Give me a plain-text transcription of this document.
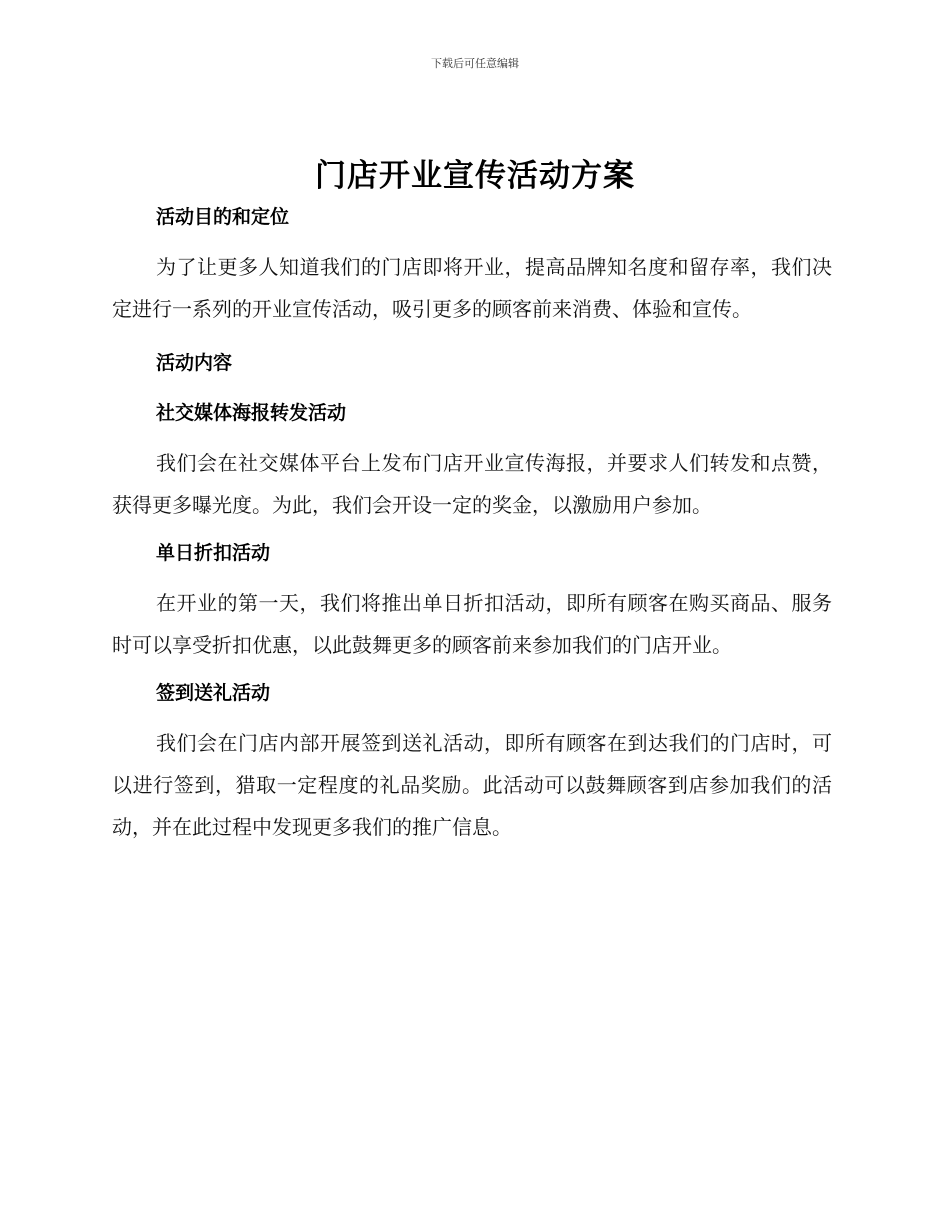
下载后可任意编辑
门店开业宣传活动方案
活动目的和定位

为了让更多人知道我们的门店即将开业，提高品牌知名度和留存率，我们决定进行一系列的开业宣传活动，吸引更多的顾客前来消费、体验和宣传。

活动内容
社交媒体海报转发活动

我们会在社交媒体平台上发布门店开业宣传海报，并要求人们转发和点赞，获得更多曝光度。为此，我们会开设一定的奖金，以激励用户参加。

单日折扣活动

在开业的第一天，我们将推出单日折扣活动，即所有顾客在购买商品、服务时可以享受折扣优惠，以此鼓舞更多的顾客前来参加我们的门店开业。

签到送礼活动

我们会在门店内部开展签到送礼活动，即所有顾客在到达我们的门店时，可以进行签到，猎取一定程度的礼品奖励。此活动可以鼓舞顾客到店参加我们的活动，并在此过程中发现更多我们的推广信息。
